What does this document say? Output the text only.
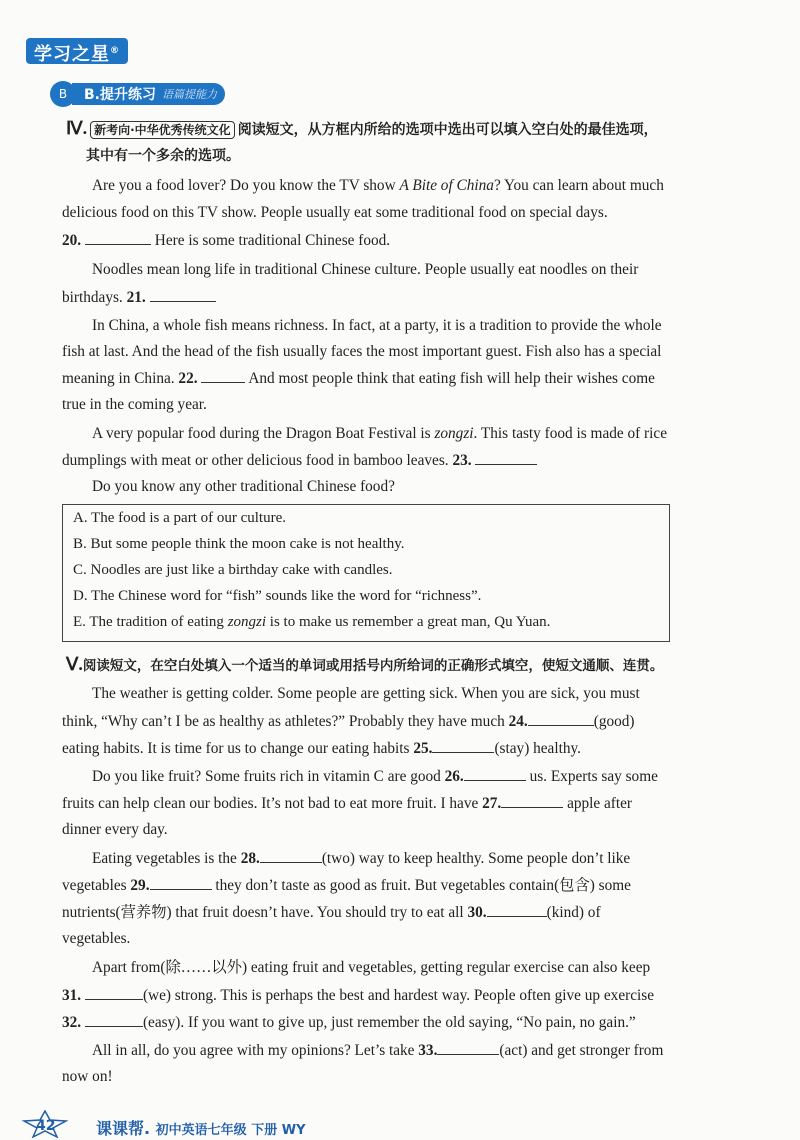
学习之星®
B	B.提升练习 语篇提能力
Ⅳ. 新考向·中华优秀传统文化 阅读短文，从方框内所给的选项中选出可以填入空白处的最佳选项，
其中有一个多余的选项。
Are you a food lover? Do you know the TV show A Bite of China? You can learn about much
delicious food on this TV show. People usually eat some traditional food on special days.
20.	Here is some traditional Chinese food.
Noodles mean long life in traditional Chinese culture. People usually eat noodles on their
birthdays. 21.
In China, a whole fish means richness. In fact, at a party, it is a tradition to provide the whole
fish at last. And the head of the fish usually faces the most important guest. Fish also has a special
meaning in China. 22.	And most people think that eating fish will help their wishes come
true in the coming year.
A very popular food during the Dragon Boat Festival is zongzi. This tasty food is made of rice
dumplings with meat or other delicious food in bamboo leaves. 23.
Do you know any other traditional Chinese food?
A. The food is a part of our culture.
B. But some people think the moon cake is not healthy.
C. Noodles are just like a birthday cake with candles.
D. The Chinese word for “fish” sounds like the word for “richness”.
E. The tradition of eating zongzi is to make us remember a great man, Qu Yuan.
Ⅴ.阅读短文，在空白处填入一个适当的单词或用括号内所给词的正确形式填空，使短文通顺、连贯。
The weather is getting colder. Some people are getting sick. When you are sick, you must
think, “Why can’t I be as healthy as athletes?” Probably they have much 24.	(good)
eating habits. It is time for us to change our eating habits 25.	(stay) healthy.
Do you like fruit? Some fruits rich in vitamin C are good 26.	us. Experts say some
fruits can help clean our bodies. It’s not bad to eat more fruit. I have 27.	apple after
dinner every day.
Eating vegetables is the 28.	(two) way to keep healthy. Some people don’t like
vegetables 29.	they don’t taste as good as fruit. But vegetables contain(包含) some
nutrients(营养物) that fruit doesn’t have. You should try to eat all 30.	(kind) of
vegetables.
Apart from(除……以外) eating fruit and vegetables, getting regular exercise can also keep
31.	(we) strong. This is perhaps the best and hardest way. People often give up exercise
32.	(easy). If you want to give up, just remember the old saying, “No pain, no gain.”
All in all, do you agree with my opinions? Let’s take 33.	(act) and get stronger from
now on!
42	课课帮. 初中英语七年级 下册 WY
